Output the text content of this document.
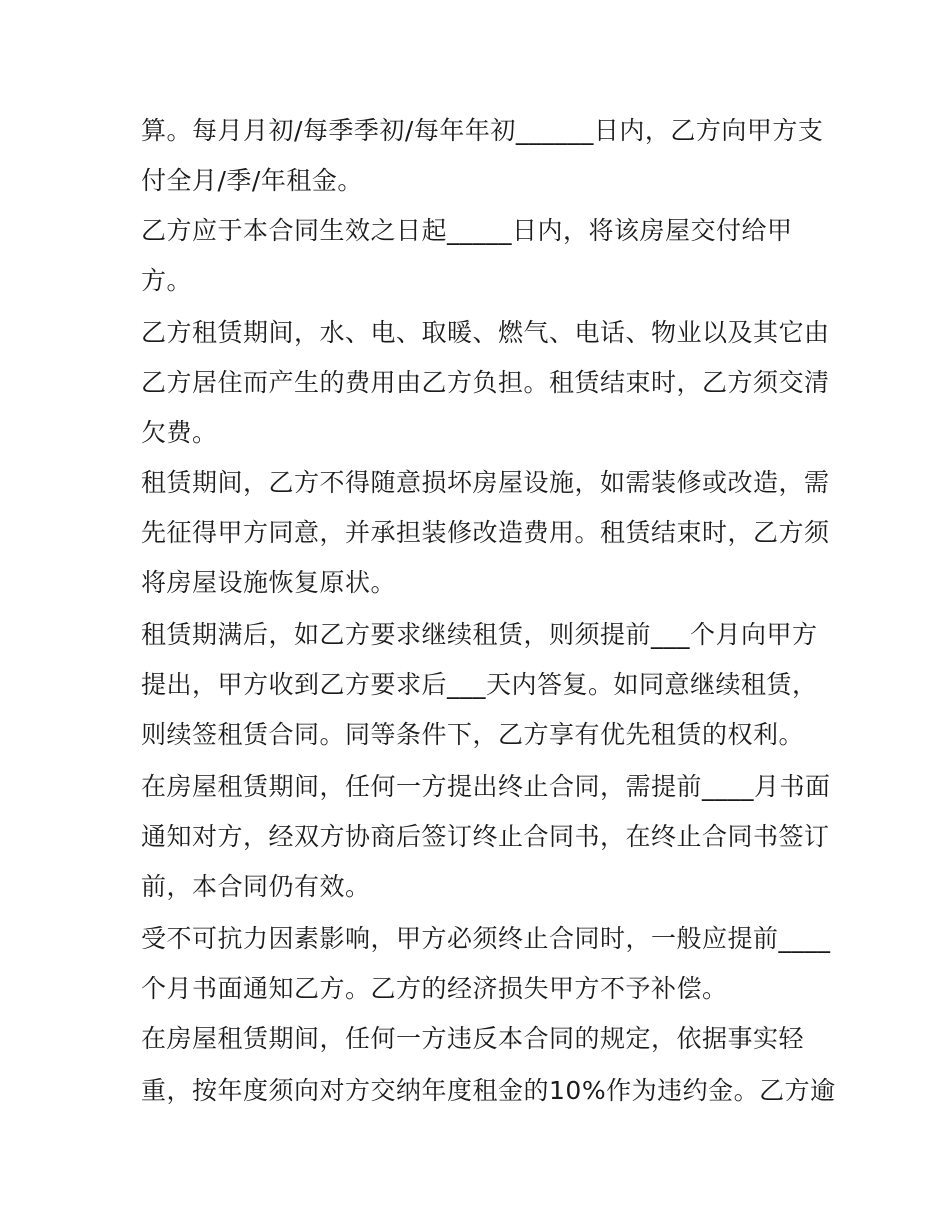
算。每月月初/每季季初/每年年初______日内，乙方向甲方支
付全月/季/年租金。
乙方应于本合同生效之日起_____日内，将该房屋交付给甲
方。
乙方租赁期间，水、电、取暖、燃气、电话、物业以及其它由
乙方居住而产生的费用由乙方负担。租赁结束时，乙方须交清
欠费。
租赁期间，乙方不得随意损坏房屋设施，如需装修或改造，需
先征得甲方同意，并承担装修改造费用。租赁结束时，乙方须
将房屋设施恢复原状。
租赁期满后，如乙方要求继续租赁，则须提前___个月向甲方
提出，甲方收到乙方要求后___天内答复。如同意继续租赁，
则续签租赁合同。同等条件下，乙方享有优先租赁的权利。
在房屋租赁期间，任何一方提出终止合同，需提前____月书面
通知对方，经双方协商后签订终止合同书，在终止合同书签订
前，本合同仍有效。
受不可抗力因素影响，甲方必须终止合同时，一般应提前____
个月书面通知乙方。乙方的经济损失甲方不予补偿。
在房屋租赁期间，任何一方违反本合同的规定，依据事实轻
重，按年度须向对方交纳年度租金的10%作为违约金。乙方逾
